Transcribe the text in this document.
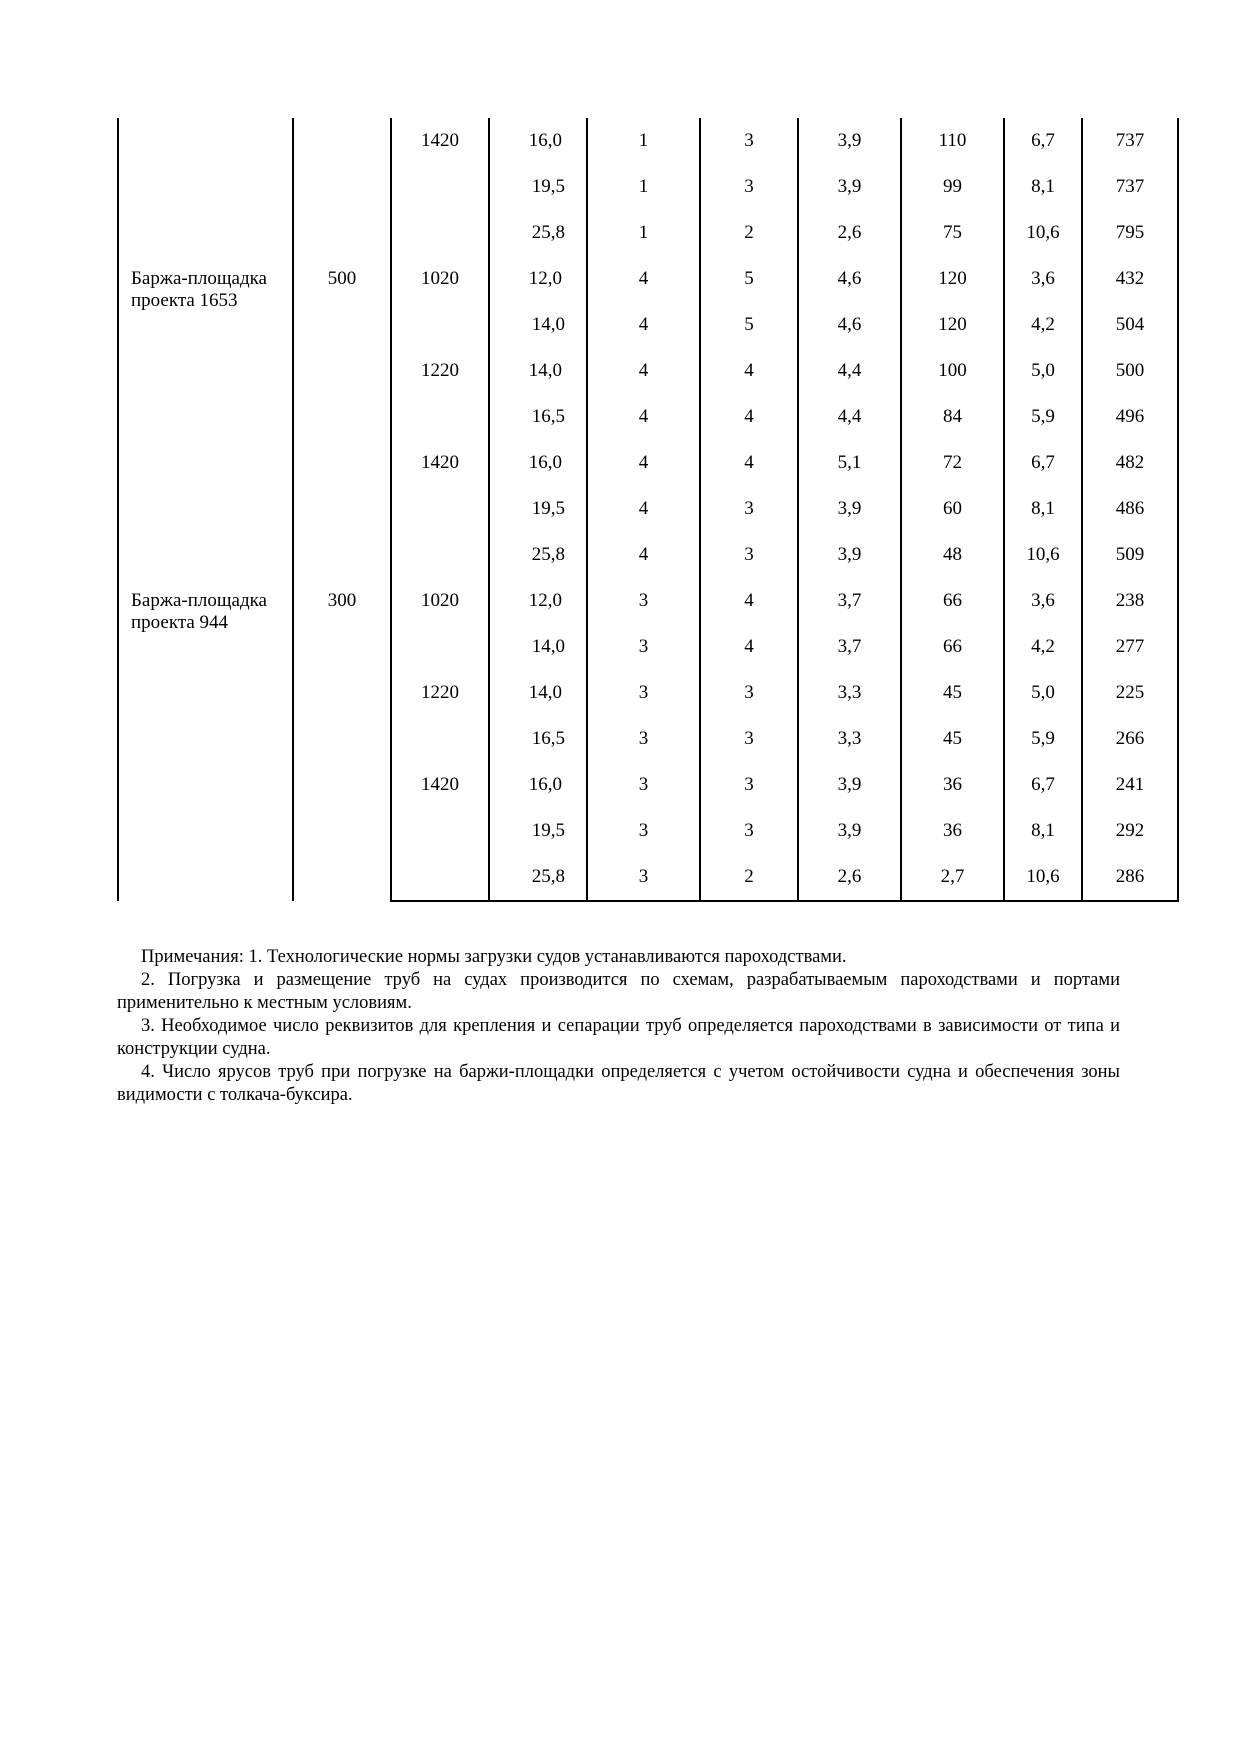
		1420	16,0	1	3	3,9	110	6,7	737
			19,5	1	3	3,9	99	8,1	737
			25,8	1	2	2,6	75	10,6	795
Баржа-площадка проекта 1653	500	1020	12,0	4	5	4,6	120	3,6	432
			14,0	4	5	4,6	120	4,2	504
		1220	14,0	4	4	4,4	100	5,0	500
			16,5	4	4	4,4	84	5,9	496
		1420	16,0	4	4	5,1	72	6,7	482
			19,5	4	3	3,9	60	8,1	486
			25,8	4	3	3,9	48	10,6	509
Баржа-площадка проекта 944	300	1020	12,0	3	4	3,7	66	3,6	238
			14,0	3	4	3,7	66	4,2	277
		1220	14,0	3	3	3,3	45	5,0	225
			16,5	3	3	3,3	45	5,9	266
		1420	16,0	3	3	3,9	36	6,7	241
			19,5	3	3	3,9	36	8,1	292
			25,8	3	2	2,6	2,7	10,6	286

Примечания: 1. Технологические нормы загрузки судов устанавливаются пароходствами.

2. Погрузка и размещение труб на судах производится по схемам, разрабатываемым пароходствами и портами применительно к местным условиям.

3. Необходимое число реквизитов для крепления и сепарации труб определяется пароходствами в зависимости от типа и конструкции судна.

4. Число ярусов труб при погрузке на баржи-площадки определяется с учетом остойчивости судна и обеспечения зоны видимости с толкача-буксира.
